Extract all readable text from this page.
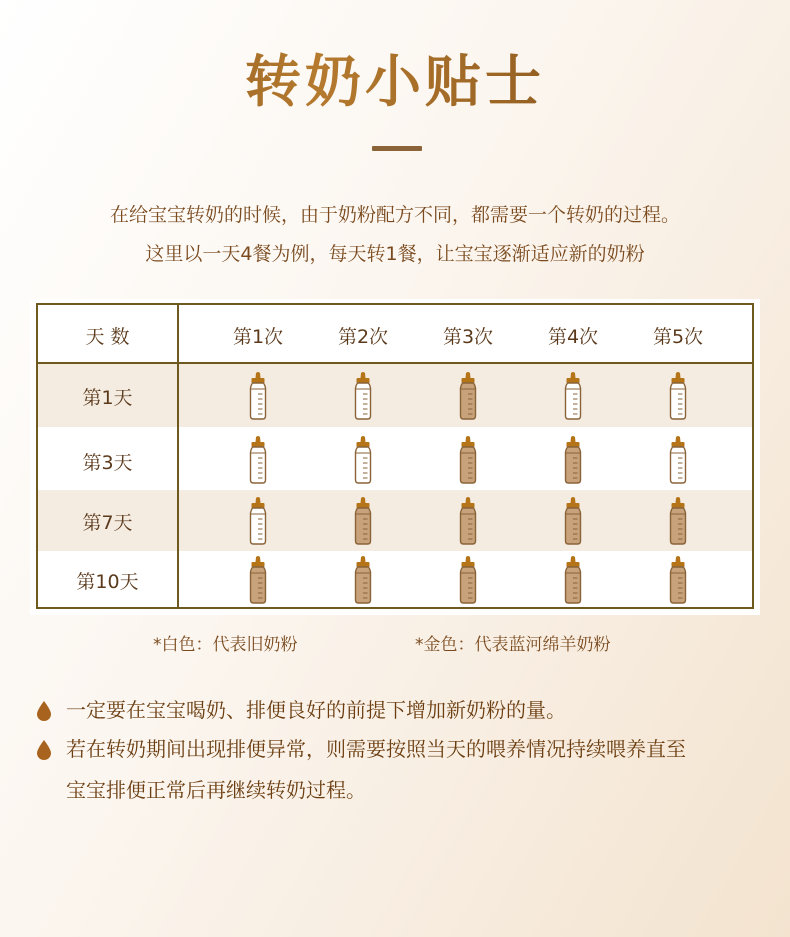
转奶小贴士
在给宝宝转奶的时候，由于奶粉配方不同，都需要一个转奶的过程。
这里以一天4餐为例，每天转1餐，让宝宝逐渐适应新的奶粉
天 数	第1次	第2次	第3次	第4次	第5次
第1天
第3天
第7天
第10天
*白色：代表旧奶粉	*金色：代表蓝河绵羊奶粉
一定要在宝宝喝奶、排便良好的前提下增加新奶粉的量。
若在转奶期间出现排便异常，则需要按照当天的喂养情况持续喂养直至
宝宝排便正常后再继续转奶过程。
